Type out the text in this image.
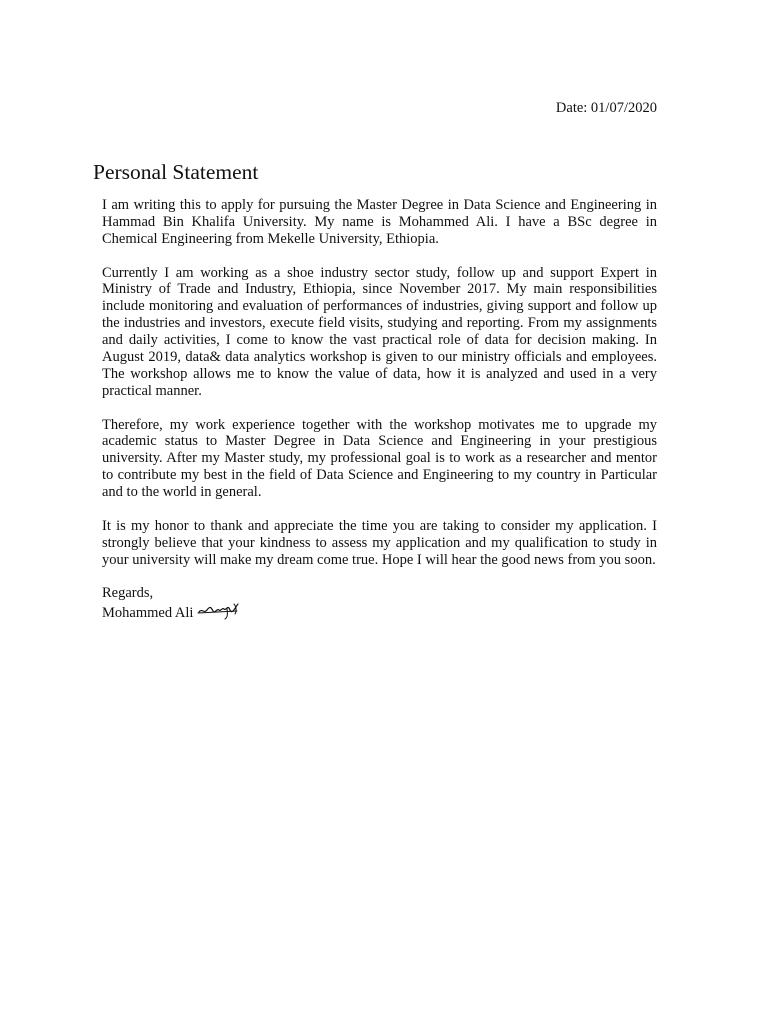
Date: 01/07/2020
Personal Statement

I am writing this to apply for pursuing the Master Degree in Data Science and Engineering in Hammad Bin Khalifa University. My name is Mohammed Ali. I have a BSc degree in Chemical Engineering from Mekelle University, Ethiopia.

Currently I am working as a shoe industry sector study, follow up and support Expert in Ministry of Trade and Industry, Ethiopia, since November 2017. My main responsibilities include monitoring and evaluation of performances of industries, giving support and follow up the industries and investors, execute field visits, studying and reporting. From my assignments and daily activities, I come to know the vast practical role of data for decision making. In August 2019, data& data analytics workshop is given to our ministry officials and employees. The workshop allows me to know the value of data, how it is analyzed and used in a very practical manner.

Therefore, my work experience together with the workshop motivates me to upgrade my academic status to Master Degree in Data Science and Engineering in your prestigious university. After my Master study, my professional goal is to work as a researcher and mentor to contribute my best in the field of Data Science and Engineering to my country in Particular and to the world in general.

It is my honor to thank and appreciate the time you are taking to consider my application. I strongly believe that your kindness to assess my application and my qualification to study in your university will make my dream come true. Hope I will hear the good news from you soon.

Regards,
Mohammed Ali
